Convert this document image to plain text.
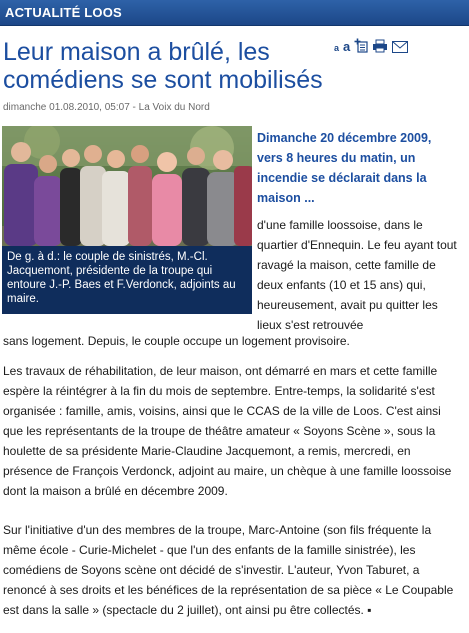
ACTUALITÉ LOOS
Leur maison a brûlé, les comédiens se sont mobilisés
a a
dimanche 01.08.2010, 05:07 - La Voix du Nord
De g. à d.: le couple de sinistrés, M.-Cl. Jacquemont, présidente de la troupe qui entoure J.-P. Baes et F.Verdonck, adjoints au maire.

Dimanche 20 décembre 2009, vers 8 heures du matin, un incendie se déclarait dans la maison ...

d'une famille loossoise, dans le quartier d'Ennequin. Le feu ayant tout ravagé la maison, cette famille de deux enfants (10 et 15 ans) qui, heureusement, avait pu quitter les lieux s'est retrouvée

sans logement. Depuis, le couple occupe un logement provisoire.

Les travaux de réhabilitation, de leur maison, ont démarré en mars et cette famille espère la réintégrer à la fin du mois de septembre. Entre-temps, la solidarité s'est organisée : famille, amis, voisins, ainsi que le CCAS de la ville de Loos. C'est ainsi que les représentants de la troupe de théâtre amateur « Soyons Scène », sous la houlette de sa présidente Marie-Claudine Jacquemont, a remis, mercredi, en présence de François Verdonck, adjoint au maire, un chèque à une famille loossoise dont la maison a brûlé en décembre 2009.

Sur l'initiative d'un des membres de la troupe, Marc-Antoine (son fils fréquente la même école - Curie-Michelet - que l'un des enfants de la famille sinistrée), les comédiens de Soyons scène ont décidé de s'investir. L'auteur, Yvon Taburet, a renoncé à ses droits et les bénéfices de la représentation de sa pièce « Le Coupable est dans la salle » (spectacle du 2 juillet), ont ainsi pu être collectés. ▪
